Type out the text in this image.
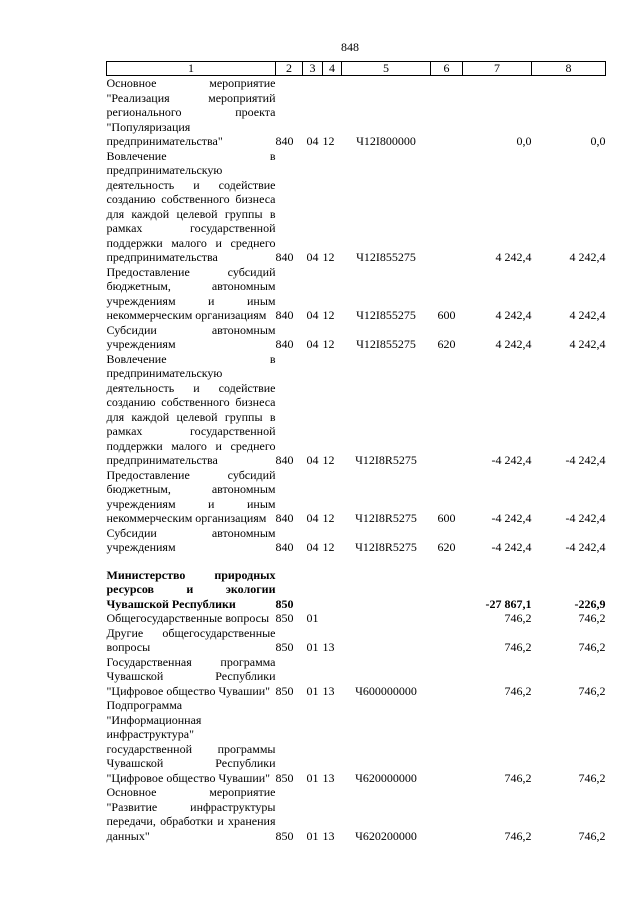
848
1	2	3	4	5	6	7	8
Основное мероприятие "Реализация мероприятий регионального проекта "Популяризация предпринимательства"	840	04	12	Ч12I800000		0,0	0,0
Вовлечение в предпринимательскую деятельность и содействие созданию собственного бизнеса для каждой целевой группы в рамках государственной поддержки малого и среднего предпринимательства	840	04	12	Ч12I855275		4 242,4	4 242,4
Предоставление субсидий бюджетным, автономным учреждениям и иным некоммерческим организациям	840	04	12	Ч12I855275	600	4 242,4	4 242,4
Субсидии автономным учреждениям	840	04	12	Ч12I855275	620	4 242,4	4 242,4
Вовлечение в предпринимательскую деятельность и содействие созданию собственного бизнеса для каждой целевой группы в рамках государственной поддержки малого и среднего предпринимательства	840	04	12	Ч12I8R5275		-4 242,4	-4 242,4
Предоставление субсидий бюджетным, автономным учреждениям и иным некоммерческим организациям	840	04	12	Ч12I8R5275	600	-4 242,4	-4 242,4
Субсидии автономным учреждениям	840	04	12	Ч12I8R5275	620	-4 242,4	-4 242,4

Министерство природных ресурсов и экологии Чувашской Республики	850					-27 867,1	-226,9
Общегосударственные вопросы	850	01				746,2	746,2
Другие общегосударственные вопросы	850	01	13			746,2	746,2
Государственная программа Чувашской Республики "Цифровое общество Чувашии"	850	01	13	Ч600000000		746,2	746,2
Подпрограмма "Информационная инфраструктура" государственной программы Чувашской Республики "Цифровое общество Чувашии"	850	01	13	Ч620000000		746,2	746,2
Основное мероприятие "Развитие инфраструктуры передачи, обработки и хранения данных"	850	01	13	Ч620200000		746,2	746,2
